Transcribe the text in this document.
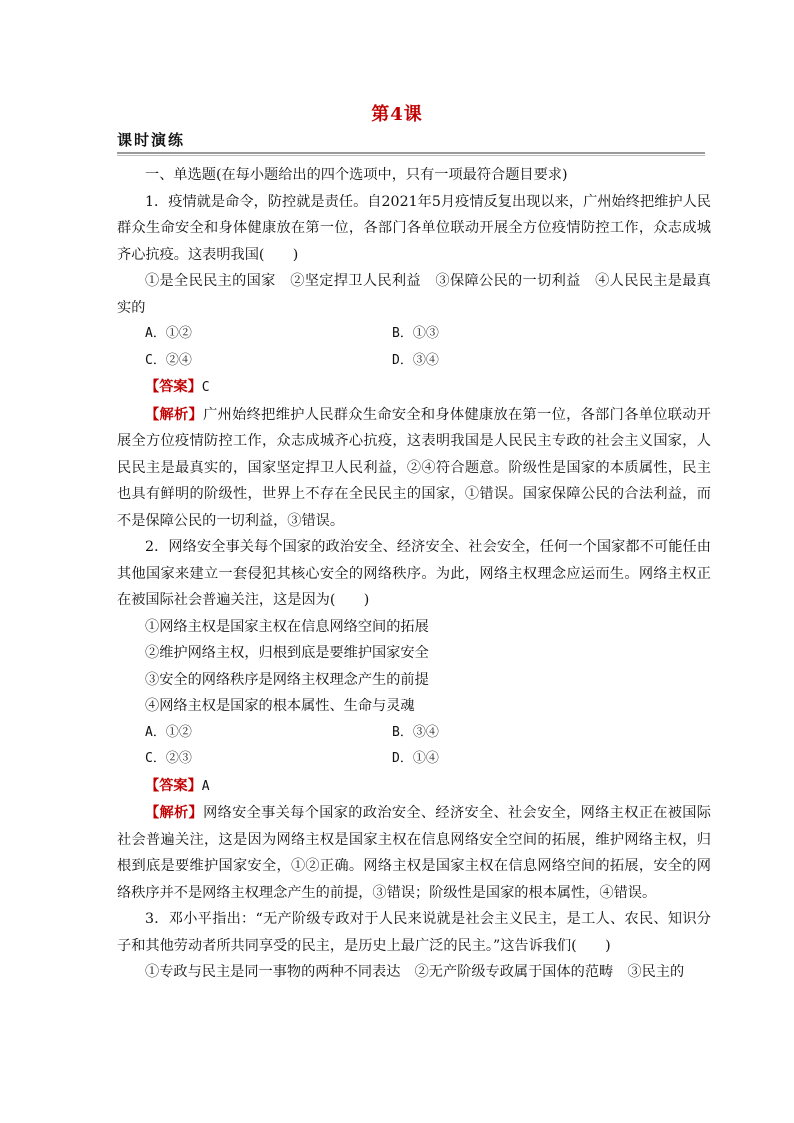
第4课
课时演练

一、单选题(在每小题给出的四个选项中，只有一项最符合题目要求)

1．疫情就是命令，防控就是责任。自2021年5月疫情反复出现以来，广州始终把维护人民群众生命安全和身体健康放在第一位，各部门各单位联动开展全方位疫情防控工作，众志成城齐心抗疫。这表明我国(　　)

①是全民民主的国家　②坚定捍卫人民利益　③保障公民的一切利益　④人民民主是最真实的

A．①②	B．①③
C．②④	D．③④

【答案】C

【解析】广州始终把维护人民群众生命安全和身体健康放在第一位，各部门各单位联动开展全方位疫情防控工作，众志成城齐心抗疫，这表明我国是人民民主专政的社会主义国家，人民民主是最真实的，国家坚定捍卫人民利益，②④符合题意。阶级性是国家的本质属性，民主也具有鲜明的阶级性，世界上不存在全民民主的国家，①错误。国家保障公民的合法利益，而不是保障公民的一切利益，③错误。

2．网络安全事关每个国家的政治安全、经济安全、社会安全，任何一个国家都不可能任由其他国家来建立一套侵犯其核心安全的网络秩序。为此，网络主权理念应运而生。网络主权正在被国际社会普遍关注，这是因为(　　)

①网络主权是国家主权在信息网络空间的拓展

②维护网络主权，归根到底是要维护国家安全

③安全的网络秩序是网络主权理念产生的前提

④网络主权是国家的根本属性、生命与灵魂

A．①②	B．③④
C．②③	D．①④

【答案】A

【解析】网络安全事关每个国家的政治安全、经济安全、社会安全，网络主权正在被国际社会普遍关注，这是因为网络主权是国家主权在信息网络安全空间的拓展，维护网络主权，归根到底是要维护国家安全，①②正确。网络主权是国家主权在信息网络空间的拓展，安全的网络秩序并不是网络主权理念产生的前提，③错误；阶级性是国家的根本属性，④错误。

3．邓小平指出：“无产阶级专政对于人民来说就是社会主义民主，是工人、农民、知识分子和其他劳动者所共同享受的民主，是历史上最广泛的民主。”这告诉我们(　　)

①专政与民主是同一事物的两种不同表达　②无产阶级专政属于国体的范畴　③民主的
